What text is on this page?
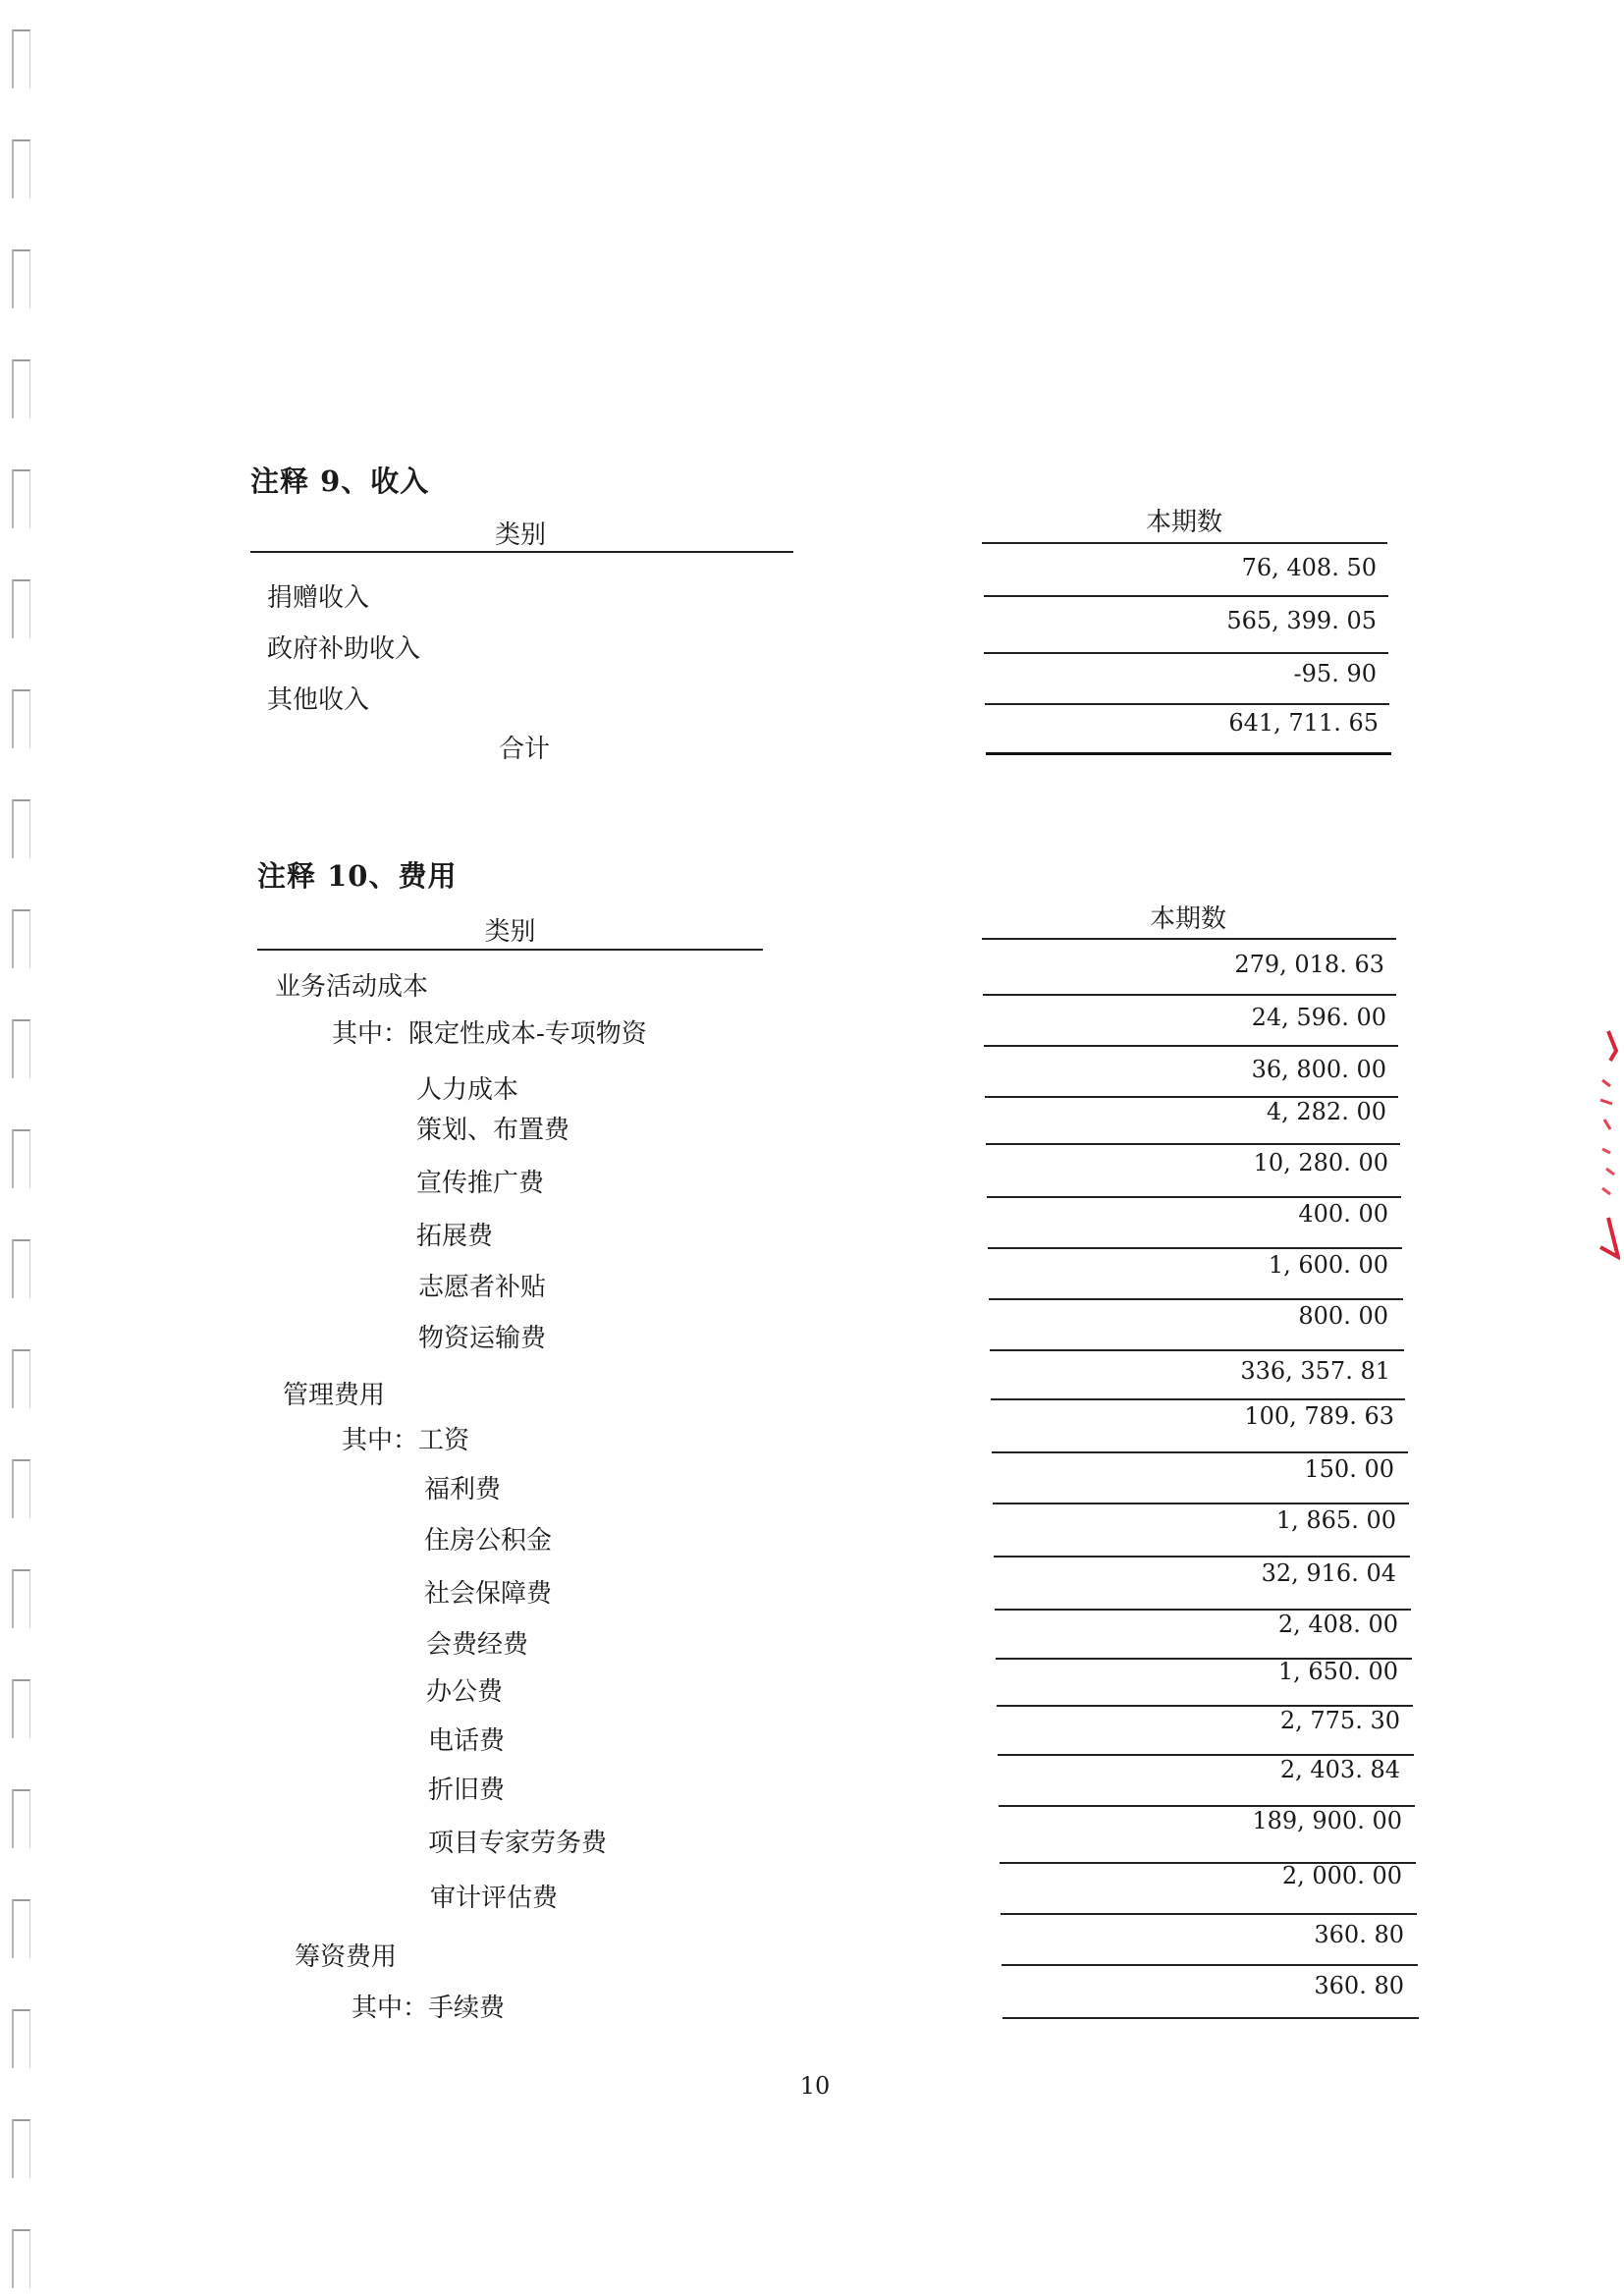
注释 9、收入
类别	本期数
捐赠收入
76, 408. 50
政府补助收入
565, 399. 05
其他收入
-95. 90
合计
641, 711. 65
注释 10、费用
类别	本期数
业务活动成本
279, 018. 63
其中：限定性成本-专项物资
24, 596. 00
人力成本
36, 800. 00
策划、布置费
4, 282. 00
宣传推广费
10, 280. 00
拓展费
400. 00
志愿者补贴
1, 600. 00
物资运输费
800. 00
管理费用
336, 357. 81
其中：工资
100, 789. 63
福利费
150. 00
住房公积金
1, 865. 00
社会保障费
32, 916. 04
会费经费
2, 408. 00
办公费
1, 650. 00
电话费
2, 775. 30
折旧费
2, 403. 84
项目专家劳务费
189, 900. 00
审计评估费
2, 000. 00
筹资费用
360. 80
其中：手续费
360. 80
10
